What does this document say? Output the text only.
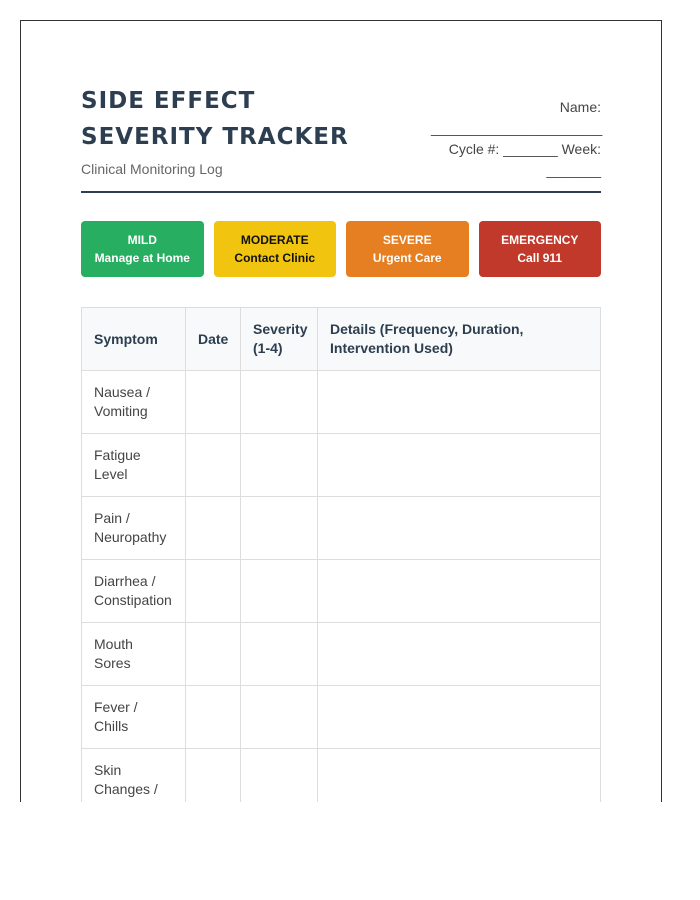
SIDE EFFECT SEVERITY TRACKER

Clinical Monitoring Log

Name:
______________________
Cycle #: _______ Week:
_______
MILD
Manage at Home
MODERATE
Contact Clinic
SEVERE
Urgent Care
EMERGENCY
Call 911
Symptom	Date	Severity (1-4)	Details (Frequency, Duration, Intervention Used)
Nausea / Vomiting			
Fatigue Level			
Pain / Neuropathy			
Diarrhea / Constipation			
Mouth Sores			
Fever / Chills			
Skin Changes /			
